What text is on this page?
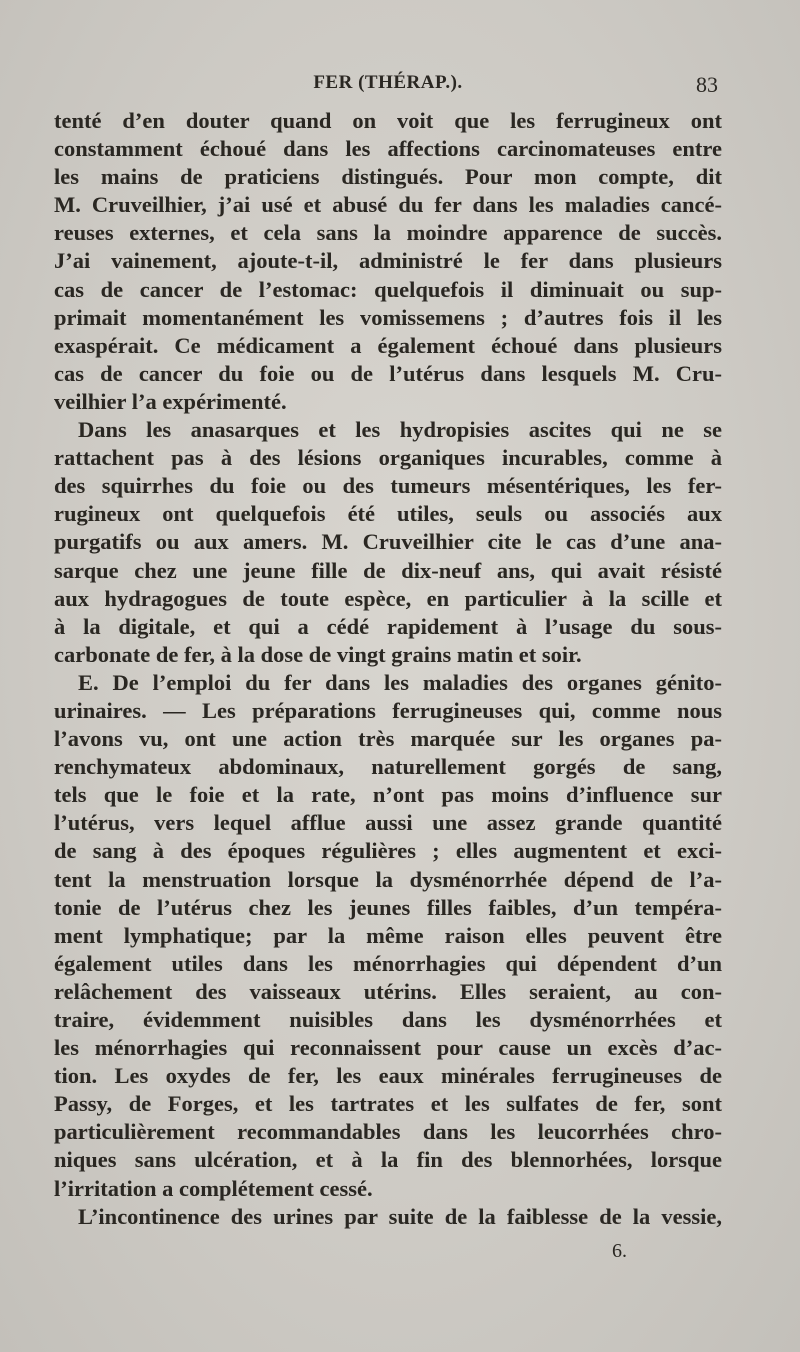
FER (THÉRAP.).	83
tenté d’en douter quand on voit que les ferrugineux ont
constamment échoué dans les affections carcinomateuses entre
les mains de praticiens distingués. Pour mon compte, dit
M. Cruveilhier, j’ai usé et abusé du fer dans les maladies cancé-
reuses externes, et cela sans la moindre apparence de succès.
J’ai vainement, ajoute-t-il, administré le fer dans plusieurs
cas de cancer de l’estomac: quelquefois il diminuait ou sup-
primait momentanément les vomissemens ; d’autres fois il les
exaspérait. Ce médicament a également échoué dans plusieurs
cas de cancer du foie ou de l’utérus dans lesquels M. Cru-
veilhier l’a expérimenté.
Dans les anasarques et les hydropisies ascites qui ne se
rattachent pas à des lésions organiques incurables, comme à
des squirrhes du foie ou des tumeurs mésentériques, les fer-
rugineux ont quelquefois été utiles, seuls ou associés aux
purgatifs ou aux amers. M. Cruveilhier cite le cas d’une ana-
sarque chez une jeune fille de dix-neuf ans, qui avait résisté
aux hydragogues de toute espèce, en particulier à la scille et
à la digitale, et qui a cédé rapidement à l’usage du sous-
carbonate de fer, à la dose de vingt grains matin et soir.
E. De l’emploi du fer dans les maladies des organes génito-
urinaires. — Les préparations ferrugineuses qui, comme nous
l’avons vu, ont une action très marquée sur les organes pa-
renchymateux abdominaux, naturellement gorgés de sang,
tels que le foie et la rate, n’ont pas moins d’influence sur
l’utérus, vers lequel afflue aussi une assez grande quantité
de sang à des époques régulières ; elles augmentent et exci-
tent la menstruation lorsque la dysménorrhée dépend de l’a-
tonie de l’utérus chez les jeunes filles faibles, d’un tempéra-
ment lymphatique; par la même raison elles peuvent être
également utiles dans les ménorrhagies qui dépendent d’un
relâchement des vaisseaux utérins. Elles seraient, au con-
traire, évidemment nuisibles dans les dysménorrhées et
les ménorrhagies qui reconnaissent pour cause un excès d’ac-
tion. Les oxydes de fer, les eaux minérales ferrugineuses de
Passy, de Forges, et les tartrates et les sulfates de fer, sont
particulièrement recommandables dans les leucorrhées chro-
niques sans ulcération, et à la fin des blennorhées, lorsque
l’irritation a complétement cessé.
L’incontinence des urines par suite de la faiblesse de la vessie,
6.
